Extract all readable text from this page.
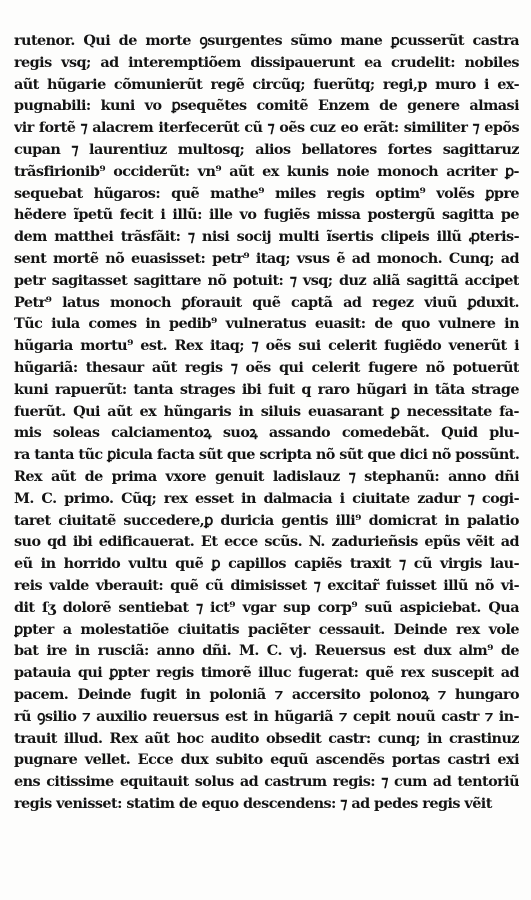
rutenor. Qui de morte ꝯsurgentes sũmo mane ꝑcusserũt castra
regis vsq; ad interemptiõem dissipauerunt ea crudelit: nobiles
aũt hũgarie cõmunierũt regẽ circũq; fuerũtq; regi,p muro i ex-
pugnabili: kuni vo ꝑsequẽtes comitẽ Enzem de genere almasi
vir fortẽ ⁊ alacrem iterfecerũt cũ ⁊ oẽs cuz eo erãt: similiter ⁊ epõs
cupan ⁊ laurentiuz multosq; alios bellatores fortes sagittaruz
trãsfirionib⁹ occiderũt: vn⁹ aũt ex kunis noie monoch acriter ꝑ-
sequebat hũgaros: quẽ mathe⁹ miles regis optim⁹ volẽs ꝑpre
hẽdere ĩpetũ fecit i illũ: ille vo fugiẽs missa postergũ sagitta pe
dem matthei trãsfãit: ⁊ nisi socij multi ĩsertis clipeis illũ ꝓteris-
sent mortẽ nõ euasisset: petr⁹ itaq; vsus ẽ ad monoch. Cunq; ad
petr sagitasset sagittare nõ potuit: ⁊ vsq; duz aliã sagittã accipet
Petr⁹ latus monoch ꝑforauit quẽ captã ad regez viuũ ꝑduxit.
Tũc iula comes in pedib⁹ vulneratus euasit: de quo vulnere in
hũgaria mortu⁹ est. Rex itaq; ⁊ oẽs sui celerit fugiẽdo venerũt i
hũgariã: thesaur aũt regis ⁊ oẽs qui celerit fugere nõ potuerũt
kuni rapuerũt: tanta strages ibi fuit q raro hũgari in tãta strage
fuerũt. Qui aũt ex hũngaris in siluis euasarant ꝑ necessitate fa-
mis soleas calciamentoꝝ suoꝝ assando comedebãt. Quid plu-
ra tanta tũc ꝑicula facta sũt que scripta nõ sũt que dici nõ possũnt.
Rex aũt de prima vxore genuit ladislauz ⁊ stephanũ: anno dñi
M. C. primo. Cũq; rex esset in dalmacia i ciuitate zadur ⁊ cogi-
taret ciuitatẽ succedere,ꝑ duricia gentis illi⁹ domicrat in palatio
suo qd ibi edificauerat. Et ecce scũs. N. zadurieñsis epũs vẽit ad
eũ in horrido vultu quẽ ꝑ capillos capiẽs traxit ⁊ cũ virgis lau-
reis valde vberauit: quẽ cũ dimisisset ⁊ excitar̃ fuisset illũ nõ vi-
dit ſʒ dolorẽ sentiebat ⁊ ict⁹ vgar sup corp⁹ suũ aspiciebat. Qua
ꝑpter a molestatiõe ciuitatis paciẽter cessauit. Deinde rex vole
bat ire in rusciã: anno dñi. M. C. vj. Reuersus est dux alm⁹ de
patauia qui ꝑpter regis timorẽ illuc fugerat: quẽ rex suscepit ad
pacem. Deinde fugit in poloniã ⁊ accersito polonoꝝ ⁊ hungaro
rũ ꝯsilio ⁊ auxilio reuersus est in hũgariã ⁊ cepit nouũ castr ⁊ in-
trauit illud. Rex aũt hoc audito obsedit castr: cunq; in crastinuz
pugnare vellet. Ecce dux subito equũ ascendẽs portas castri exi
ens citissime equitauit solus ad castrum regis: ⁊ cum ad tentoriũ
regis venisset: statim de equo descendens: ⁊ ad pedes regis vẽit
